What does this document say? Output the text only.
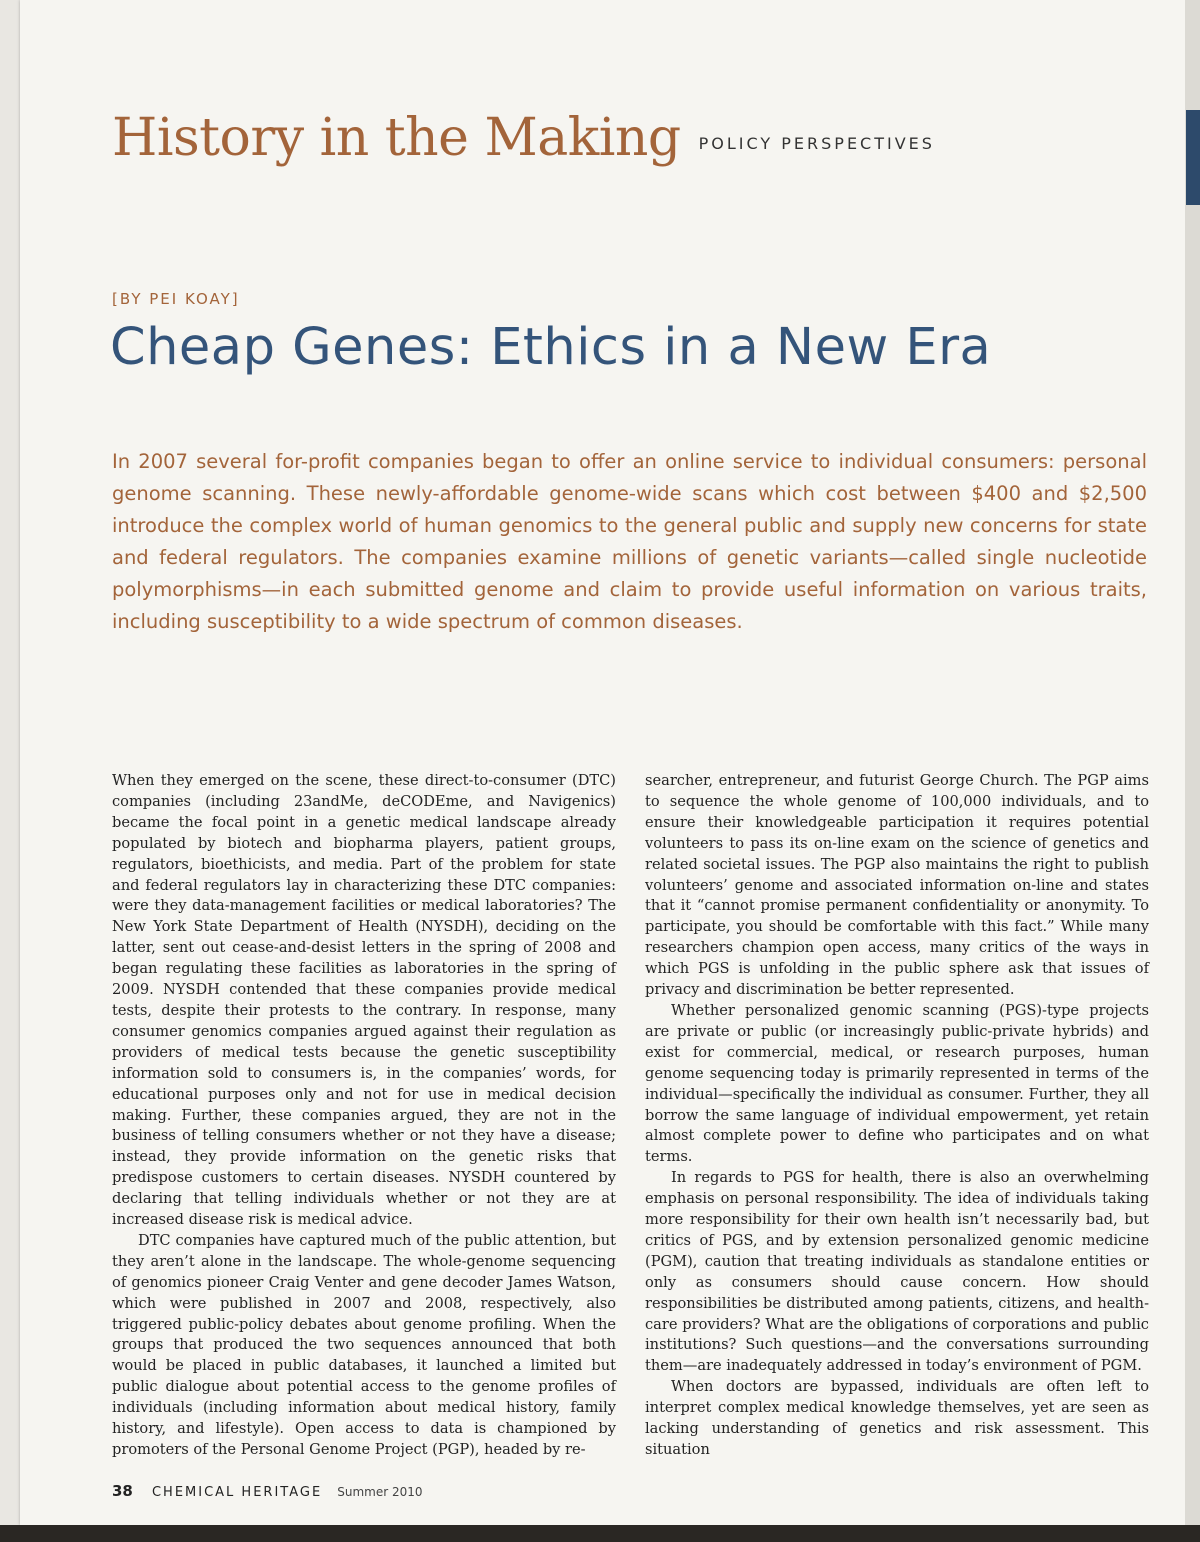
History in the Making POLICY PERSPECTIVES
[BY PEI KOAY]
Cheap Genes: Ethics in a New Era

In 2007 several for-profit companies began to offer an online service to individual consumers: personal genome scanning. These newly-affordable genome-wide scans which cost between $400 and $2,500 introduce the complex world of human genomics to the general public and supply new concerns for state and federal regulators. The companies examine millions of genetic variants—called single nucleotide polymorphisms—in each submitted genome and claim to provide useful information on various traits, including susceptibility to a wide spectrum of common diseases.

When they emerged on the scene, these direct-to-consumer (DTC) companies (including 23andMe, deCODEme, and Navigenics) became the focal point in a genetic medical landscape already populated by biotech and biopharma players, patient groups, regulators, bioethicists, and media. Part of the problem for state and federal regulators lay in characterizing these DTC companies: were they data-management facilities or medical laboratories? The New York State Department of Health (NYSDH), deciding on the latter, sent out cease-and-desist letters in the spring of 2008 and began regulating these facilities as laboratories in the spring of 2009. NYSDH contended that these companies provide medical tests, despite their protests to the contrary. In response, many consumer genomics companies argued against their regulation as providers of medical tests because the genetic susceptibility information sold to consumers is, in the companies’ words, for educational purposes only and not for use in medical decision making. Further, these companies argued, they are not in the business of telling consumers whether or not they have a disease; instead, they provide information on the genetic risks that predispose customers to certain diseases. NYSDH countered by declaring that telling individuals whether or not they are at increased disease risk is medical advice.

DTC companies have captured much of the public attention, but they aren’t alone in the landscape. The whole-genome sequencing of genomics pioneer Craig Venter and gene decoder James Watson, which were published in 2007 and 2008, respectively, also triggered public-policy debates about genome profiling. When the groups that produced the two sequences announced that both would be placed in public databases, it launched a limited but public dialogue about potential access to the genome profiles of individuals (including information about medical history, family history, and lifestyle). Open access to data is championed by promoters of the Personal Genome Project (PGP), headed by re-

searcher, entrepreneur, and futurist George Church. The PGP aims to sequence the whole genome of 100,000 individuals, and to ensure their knowledgeable participation it requires potential volunteers to pass its on-line exam on the science of genetics and related societal issues. The PGP also maintains the right to publish volunteers’ genome and associated information on-line and states that it “cannot promise permanent confidentiality or anonymity. To participate, you should be comfortable with this fact.” While many researchers champion open access, many critics of the ways in which PGS is unfolding in the public sphere ask that issues of privacy and discrimination be better represented.

Whether personalized genomic scanning (PGS)-type projects are private or public (or increasingly public-private hybrids) and exist for commercial, medical, or research purposes, human genome sequencing today is primarily represented in terms of the individual—specifically the individual as consumer. Further, they all borrow the same language of individual empowerment, yet retain almost complete power to define who participates and on what terms.

In regards to PGS for health, there is also an overwhelming emphasis on personal responsibility. The idea of individuals taking more responsibility for their own health isn’t necessarily bad, but critics of PGS, and by extension personalized genomic medicine (PGM), caution that treating individuals as standalone entities or only as consumers should cause concern. How should responsibilities be distributed among patients, citizens, and health-care providers? What are the obligations of corporations and public institutions? Such questions—and the conversations surrounding them—are inadequately addressed in today’s environment of PGM.

When doctors are bypassed, individuals are often left to interpret complex medical knowledge themselves, yet are seen as lacking understanding of genetics and risk assessment. This situation

38 CHEMICAL HERITAGE Summer 2010
